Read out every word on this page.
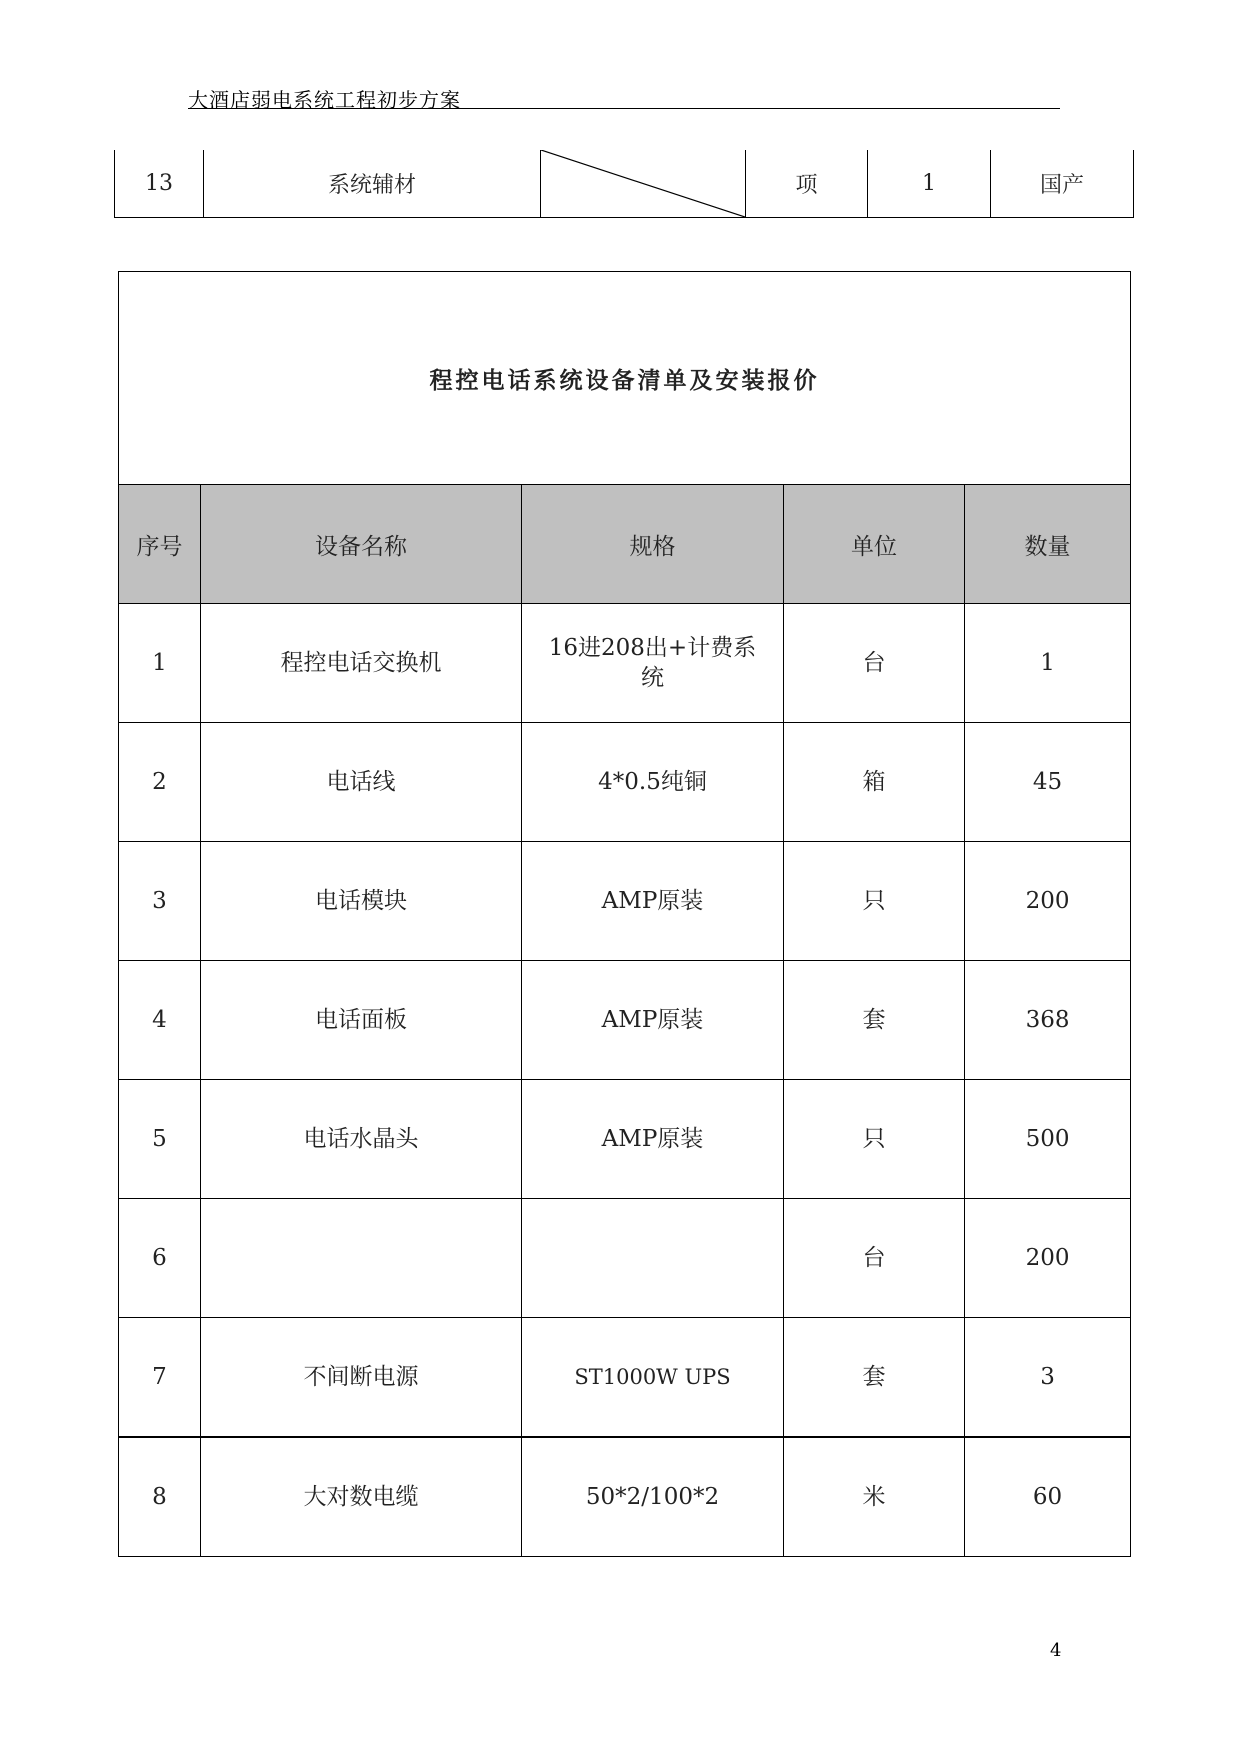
大酒店弱电系统工程初步方案
13	系统辅材		项	1	国产
程控电话系统设备清单及安装报价				
序号	设备名称	规格	单位	数量
1	程控电话交换机	16进208出+计费系统	台	1
2	电话线	4*0.5纯铜	箱	45
3	电话模块	AMP原装	只	200
4	电话面板	AMP原装	套	368
5	电话水晶头	AMP原装	只	500
6			台	200
7	不间断电源	ST1000W UPS	套	3
8	大对数电缆	50*2/100*2	米	60
4
